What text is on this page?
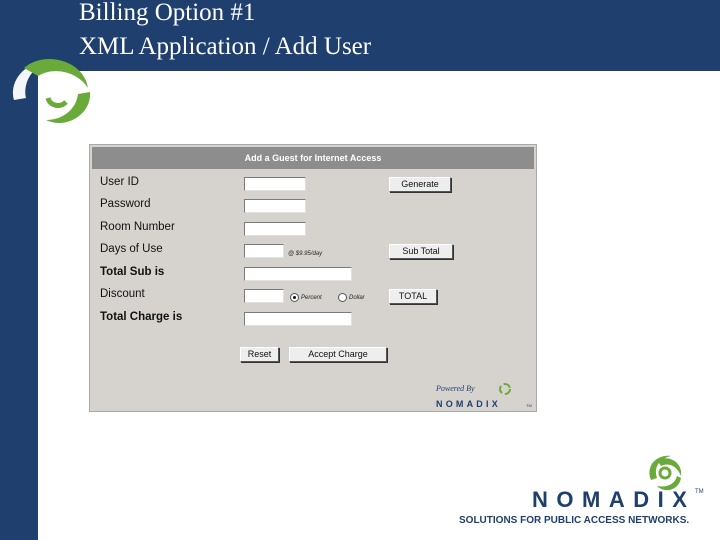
Billing Option #1
XML Application / Add User
Add a Guest for Internet Access
User ID	Generate
Password
Room Number
Days of Use	@ $9.95/day	Sub Total
Total Sub is
Discount	Percent	Dollar	TOTAL
Total Charge is
Reset	Accept Charge
Powered By
NOMADIX	TM
NOMADIX TM
SOLUTIONS FOR PUBLIC ACCESS NETWORKS.
